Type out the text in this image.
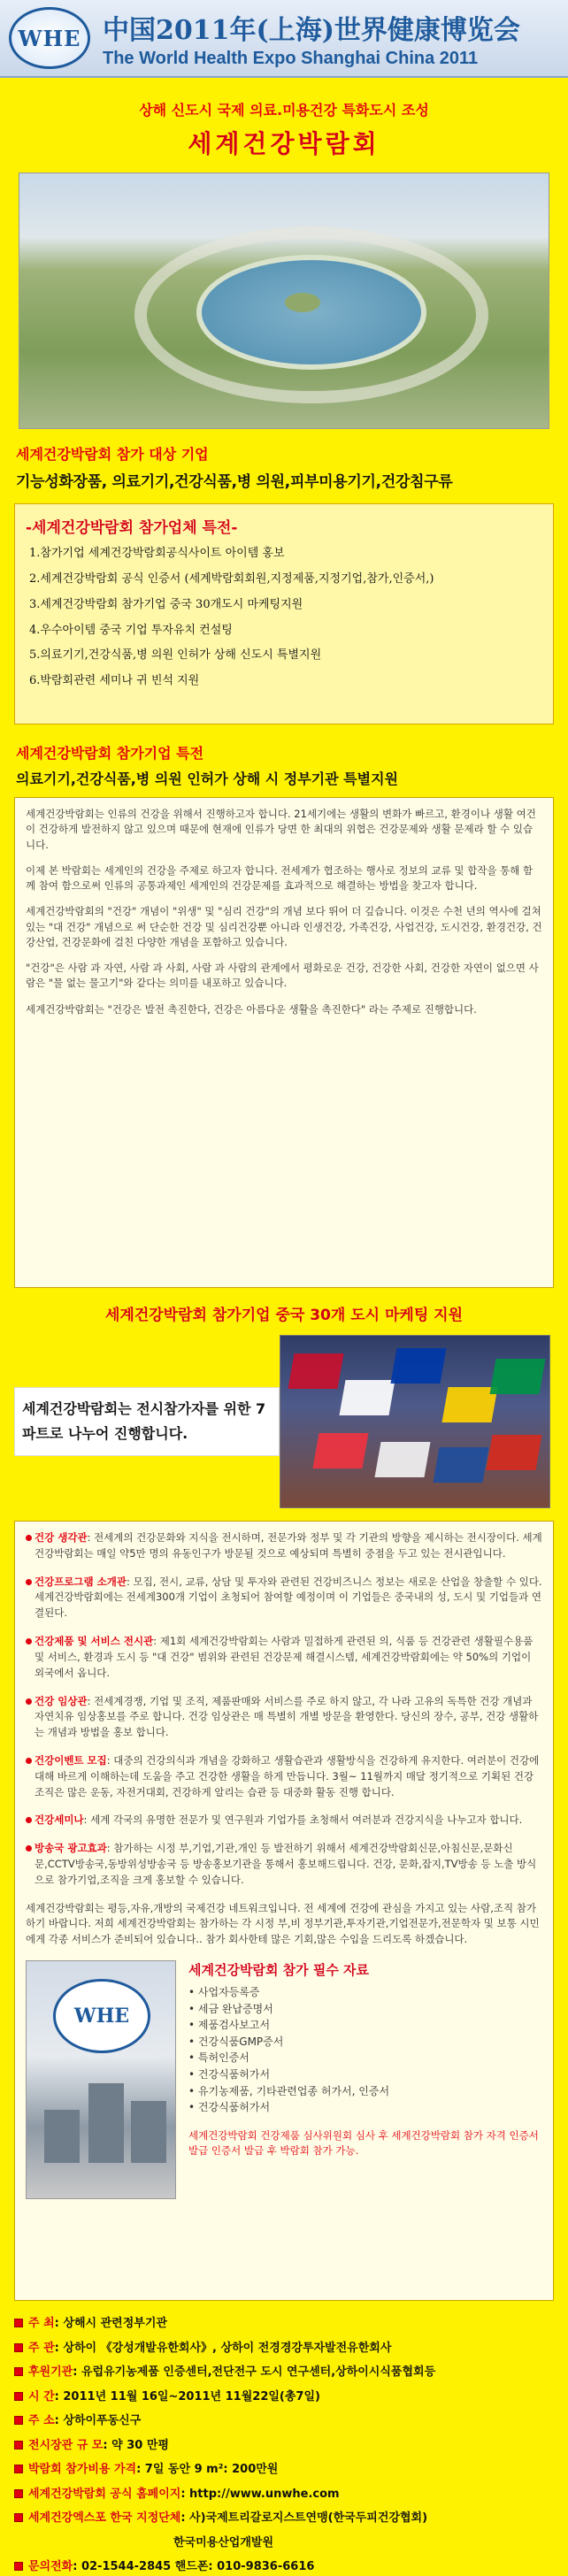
WHE 中国2011年(上海)世界健康博览会
The World Health Expo Shanghai China 2011
상해 신도시 국제 의료.미용건강 특화도시 조성
세계건강박람회
세계건강박람회 참가 대상 기업
기능성화장품, 의료기기,건강식품,병 의원,피부미용기기,건강침구류
-세계건강박람회 참가업체 특전-
1.참가기업 세계건강박람회공식사이트 아이템 홍보
2.세계건강박람회 공식 인증서 (세계박람회회원,지정제품,지정기업,참가,인증서,)
3.세계건강박람회 참가기업 중국 30개도시 마케팅지원
4.우수아이템 중국 기업 투자유치 컨설팅
5.의료기기,건강식품,병 의원 인허가 상해 신도시 특별지원
6.박람회관련 세미나 귀 빈석 지원
세계건강박람회 참가기업 특전
의료기기,건강식품,병 의원 인허가 상해 시 정부기관 특별지원

세계건강박람회는 인류의 건강을 위해서 진행하고자 합니다. 21세기에는 생활의 변화가 빠르고, 환경이나 생활 여건이 건강하게 발전하지 않고 있으며 때문에 현재에 인류가 당면 한 최대의 위협은 건강문제와 생활 문제라 할 수 있습니다.

이제 본 박람회는 세계인의 건강을 주제로 하고자 합니다. 전세계가 협조하는 행사로 정보의 교류 및 합작을 통해 함께 참여 함으로써 인류의 공통과제인 세계인의 건강문제를 효과적으로 해결하는 방법을 찾고자 합니다.

세계건강박람회의 "건강" 개념이 "위생" 및 "심리 건강"의 개념 보다 뛰어 더 깊습니다. 이것은 수천 년의 역사에 걸쳐있는 "대 건강" 개념으로 써 단순한 건강 및 심리건강뿐 아니라 인생건강, 가족건강, 사업건강, 도시건강, 환경건강, 건강산업, 건강문화에 걸친 다양한 개념을 포함하고 있습니다.

"건강"은 사람 과 자연, 사람 과 사회, 사람 과 사람의 관계에서 평화로운 건강, 건강한 사회, 건강한 자연이 없으면 사람은 "물 없는 물고기"와 같다는 의미를 내포하고 있습니다.

세계건강박람회는 "건강은 발전 촉진한다, 건강은 아름다운 생활을 촉진한다" 라는 주제로 진행합니다.

세계건강박람회 참가기업 중국 30개 도시 마케팅 지원
세계건강박람회는 전시참가자를 위한 7파트로 나누어 진행합니다.
건강 생각관: 전세계의 건강문화와 지식을 전시하며, 전문가와 정부 및 각 기관의 방향을 제시하는 전시장이다. 세계건강박람회는 매일 약5만 명의 유동인구가 방문될 것으로 예상되며 특별히 중점을 두고 있는 전시관입니다.
건강프로그램 소개관: 모집, 전시, 교류, 상담 및 투자와 관련된 건강비즈니스 정보는 새로운 산업을 창출할 수 있다. 세계건강박람회에는 전세계300개 기업이 초청되어 참여할 예정이며 이 기업들은 중국내의 성, 도시 및 기업들과 연결된다.
건강제품 및 서비스 전시관: 제1회 세계건강박람회는 사람과 밀접하게 관련된 의, 식품 등 건강관련 생활필수용품 및 서비스, 환경과 도시 등 "대 건강" 범위와 관련된 건강문제 해결시스템, 세계건강박람회에는 약 50%의 기업이 외국에서 옵니다.
건강 임상관: 전세계경쟁, 기업 및 조직, 제품판매와 서비스를 주로 하지 않고, 각 나라 고유의 독특한 건강 개념과 자연치유 임상홍보를 주로 합니다. 건강 임상관은 매 특별히 개별 방문을 환영한다. 당신의 장수, 공부, 건강 생활하는 개념과 방법을 홍보 합니다.
건강이벤트 모집: 대중의 건강의식과 개념을 강화하고 생활습관과 생활방식을 건강하게 유지한다. 여러분이 건강에 대해 바르게 이해하는데 도움을 주고 건강한 생활을 하게 만듭니다. 3월~ 11월까지 매달 정기적으로 기획된 건강 조직은 많은 운동, 자전거대회, 건강하게 알리는 습관 등 대중화 활동 진행 합니다.
건강세미나: 세계 각국의 유명한 전문가 및 연구원과 기업가를 초청해서 여러분과 건강지식을 나누고자 합니다.
방송국 광고효과: 참가하는 시정 부,기업,기관,개인 등 발전하기 위해서 세계건강박람회신문,아침신문,문화신문,CCTV방송국,동방위성방송국 등 방송홍보기관을 통해서 홍보해드립니다. 건강, 문화,잡지,TV방송 등 노출 방식으로 참가기업,조직을 크게 홍보할 수 있습니다.
세계건강박람회는 평등,자유,개방의 국제건강 네트워크입니다. 전 세계에 건강에 관심을 가지고 있는 사람,조직 참가하기 바랍니다. 저희 세계건강박람회는 참가하는 각 시정 부,비 정부기관,투자기관,기업전문가,전문학자 및 보통 시민에게 각종 서비스가 준비되어 있습니다.. 참가 회사한테 많은 기회,많은 수입을 드리도록 하겠습니다.
WHE
세계건강박람회 참가 필수 자료
• 사업자등록증
• 세금 완납증명서
• 제품검사보고서
• 건강식품GMP증서
• 특허인증서
• 건강식품허가서
• 유기농제품, 기타관련업종 허가서, 인증서
• 건강식품허가서
세계건강박람회 건강제품 심사위원회 심사 후 세계건강박람회 참가 자격 인증서 발급 인증서 발급 후 박람회 참가 가능.
주 최: 상해시 관련정부기관
주 관: 상하이 《강성개발유한회사》, 상하이 전경경강투자발전유한회사
후원기관: 유럽유기농제품 인증센터,전단전구 도시 연구센터,상하이시식품협회등
시 간: 2011년 11월 16일~2011년 11월22일(총7일)
주 소: 상하이푸동신구
전시장관 규 모: 약 30 만평
박람회 참가비용 가격: 7일 동안 9 m²: 200만원
세계건강박람회 공식 홈페이지: http://www.unwhe.com
세계건강엑스포 한국 지정단체: 사)국제트리갈로지스트연맹(한국두피건강협회)
한국미용산업개발원
문의전화: 02-1544-2845 핸드폰: 010-9836-6616
